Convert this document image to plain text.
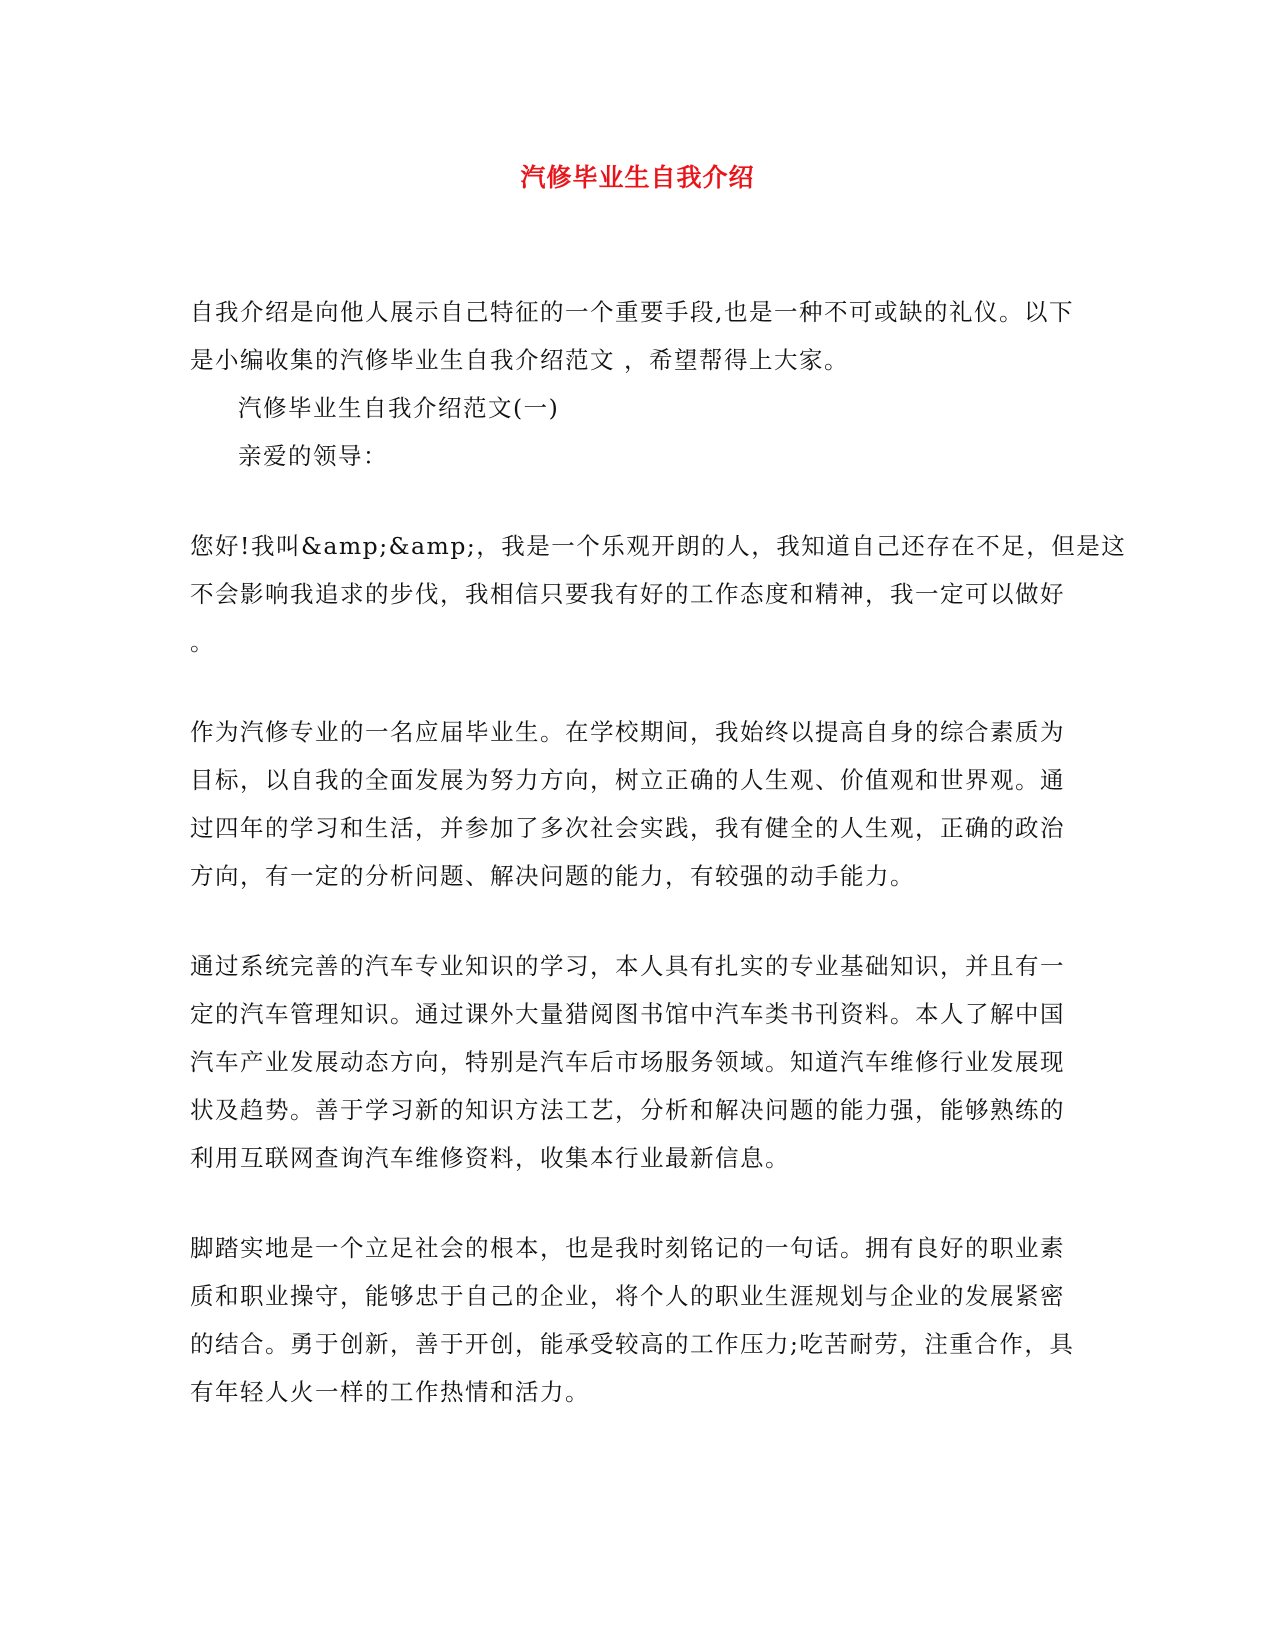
汽修毕业生自我介绍
自我介绍是向他人展示自己特征的一个重要手段,也是一种不可或缺的礼仪。以下
是小编收集的汽修毕业生自我介绍范文 ，希望帮得上大家。
汽修毕业生自我介绍范文(一)
亲爱的领导：
您好!我叫&amp;&amp;，我是一个乐观开朗的人，我知道自己还存在不足，但是这
不会影响我追求的步伐，我相信只要我有好的工作态度和精神，我一定可以做好
。
作为汽修专业的一名应届毕业生。在学校期间，我始终以提高自身的综合素质为
目标，以自我的全面发展为努力方向，树立正确的人生观、价值观和世界观。通
过四年的学习和生活，并参加了多次社会实践，我有健全的人生观，正确的政治
方向，有一定的分析问题、解决问题的能力，有较强的动手能力。
通过系统完善的汽车专业知识的学习，本人具有扎实的专业基础知识，并且有一
定的汽车管理知识。通过课外大量猎阅图书馆中汽车类书刊资料。本人了解中国
汽车产业发展动态方向，特别是汽车后市场服务领域。知道汽车维修行业发展现
状及趋势。善于学习新的知识方法工艺，分析和解决问题的能力强，能够熟练的
利用互联网查询汽车维修资料，收集本行业最新信息。
脚踏实地是一个立足社会的根本，也是我时刻铭记的一句话。拥有良好的职业素
质和职业操守，能够忠于自己的企业，将个人的职业生涯规划与企业的发展紧密
的结合。勇于创新，善于开创，能承受较高的工作压力;吃苦耐劳，注重合作，具
有年轻人火一样的工作热情和活力。
